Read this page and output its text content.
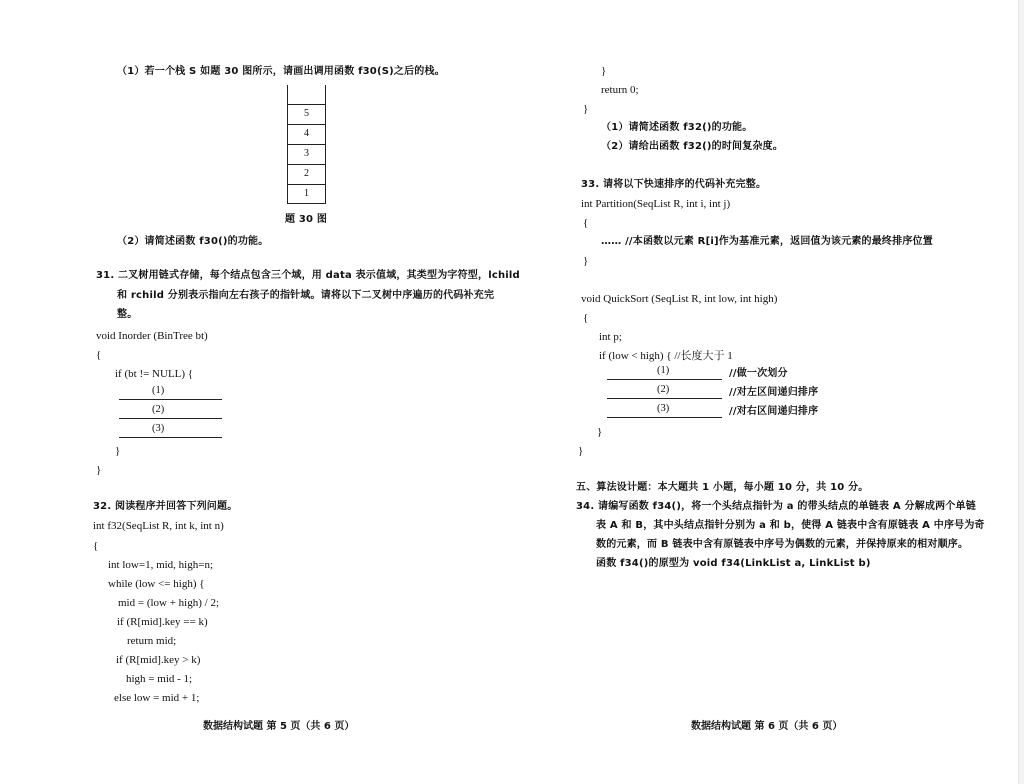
（1）若一个栈 S 如题 30 图所示，请画出调用函数 f30(S)之后的栈。
5
4
3
2
1
题 30 图
（2）请简述函数 f30()的功能。
31. 二叉树用链式存储，每个结点包含三个域，用 data 表示值域，其类型为字符型，lchild
和 rchild 分别表示指向左右孩子的指针域。请将以下二叉树中序遍历的代码补充完
整。
void Inorder (BinTree bt)
{
if (bt != NULL) {
(1)
(2)
(3)
}
}
32. 阅读程序并回答下列问题。
int f32(SeqList R, int k, int n)
{
int low=1, mid, high=n;
while (low <= high) {
mid = (low + high) / 2;
if (R[mid].key == k)
return mid;
if (R[mid].key > k)
high = mid - 1;
else low = mid + 1;
数据结构试题 第 5 页（共 6 页）
}
return 0;
}
（1）请简述函数 f32()的功能。
（2）请给出函数 f32()的时间复杂度。
33. 请将以下快速排序的代码补充完整。
int Partition(SeqList R, int i, int j)
{
…… //本函数以元素 R[i]作为基准元素，返回值为该元素的最终排序位置
}
void QuickSort (SeqList R, int low, int high)
{
int p;
if (low < high) { //长度大于 1
(1)	//做一次划分
(2)	//对左区间递归排序
(3)	//对右区间递归排序
}
}
五、算法设计题：本大题共 1 小题，每小题 10 分，共 10 分。
34. 请编写函数 f34()，将一个头结点指针为 a 的带头结点的单链表 A 分解成两个单链
表 A 和 B，其中头结点指针分别为 a 和 b，使得 A 链表中含有原链表 A 中序号为奇
数的元素，而 B 链表中含有原链表中序号为偶数的元素，并保持原来的相对顺序。
函数 f34()的原型为 void f34(LinkList a, LinkList b)
数据结构试题 第 6 页（共 6 页）
